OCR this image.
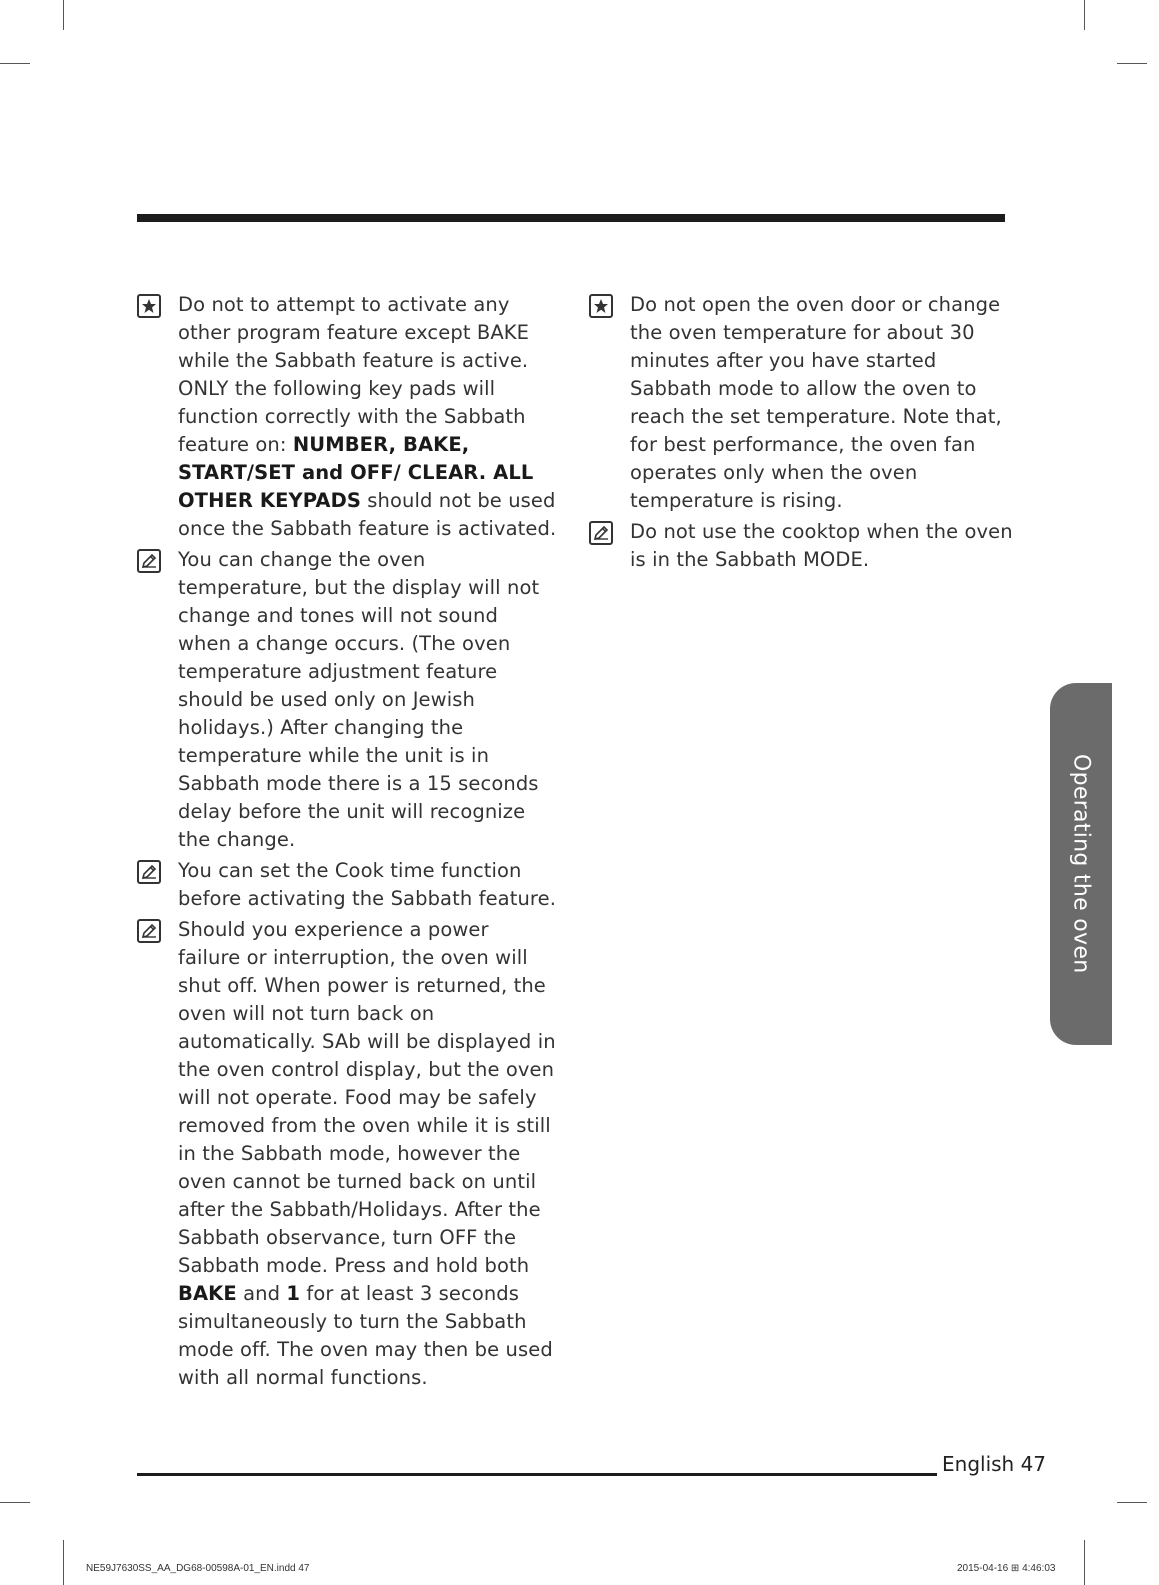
Do not to attempt to activate any other program feature except BAKE while the Sabbath feature is active. ONLY the following key pads will function correctly with the Sabbath feature on: NUMBER, BAKE, START/SET and OFF/ CLEAR. ALL OTHER KEYPADS should not be used once the Sabbath feature is activated.
You can change the oven temperature, but the display will not change and tones will not sound when a change occurs. (The oven temperature adjustment feature should be used only on Jewish holidays.) After changing the temperature while the unit is in Sabbath mode there is a 15 seconds delay before the unit will recognize the change.
You can set the Cook time function before activating the Sabbath feature.
Should you experience a power failure or interruption, the oven will shut off. When power is returned, the oven will not turn back on automatically. SAb will be displayed in the oven control display, but the oven will not operate. Food may be safely removed from the oven while it is still in the Sabbath mode, however the oven cannot be turned back on until after the Sabbath/Holidays. After the Sabbath observance, turn OFF the Sabbath mode. Press and hold both BAKE and 1 for at least 3 seconds simultaneously to turn the Sabbath mode off. The oven may then be used with all normal functions.
Do not open the oven door or change the oven temperature for about 30 minutes after you have started Sabbath mode to allow the oven to reach the set temperature. Note that, for best performance, the oven fan operates only when the oven temperature is rising.
Do not use the cooktop when the oven is in the Sabbath MODE.
Operating the oven
English 47
NE59J7630SS_AA_DG68-00598A-01_EN.indd 47	2015-04-16 ⊞ 4:46:03
